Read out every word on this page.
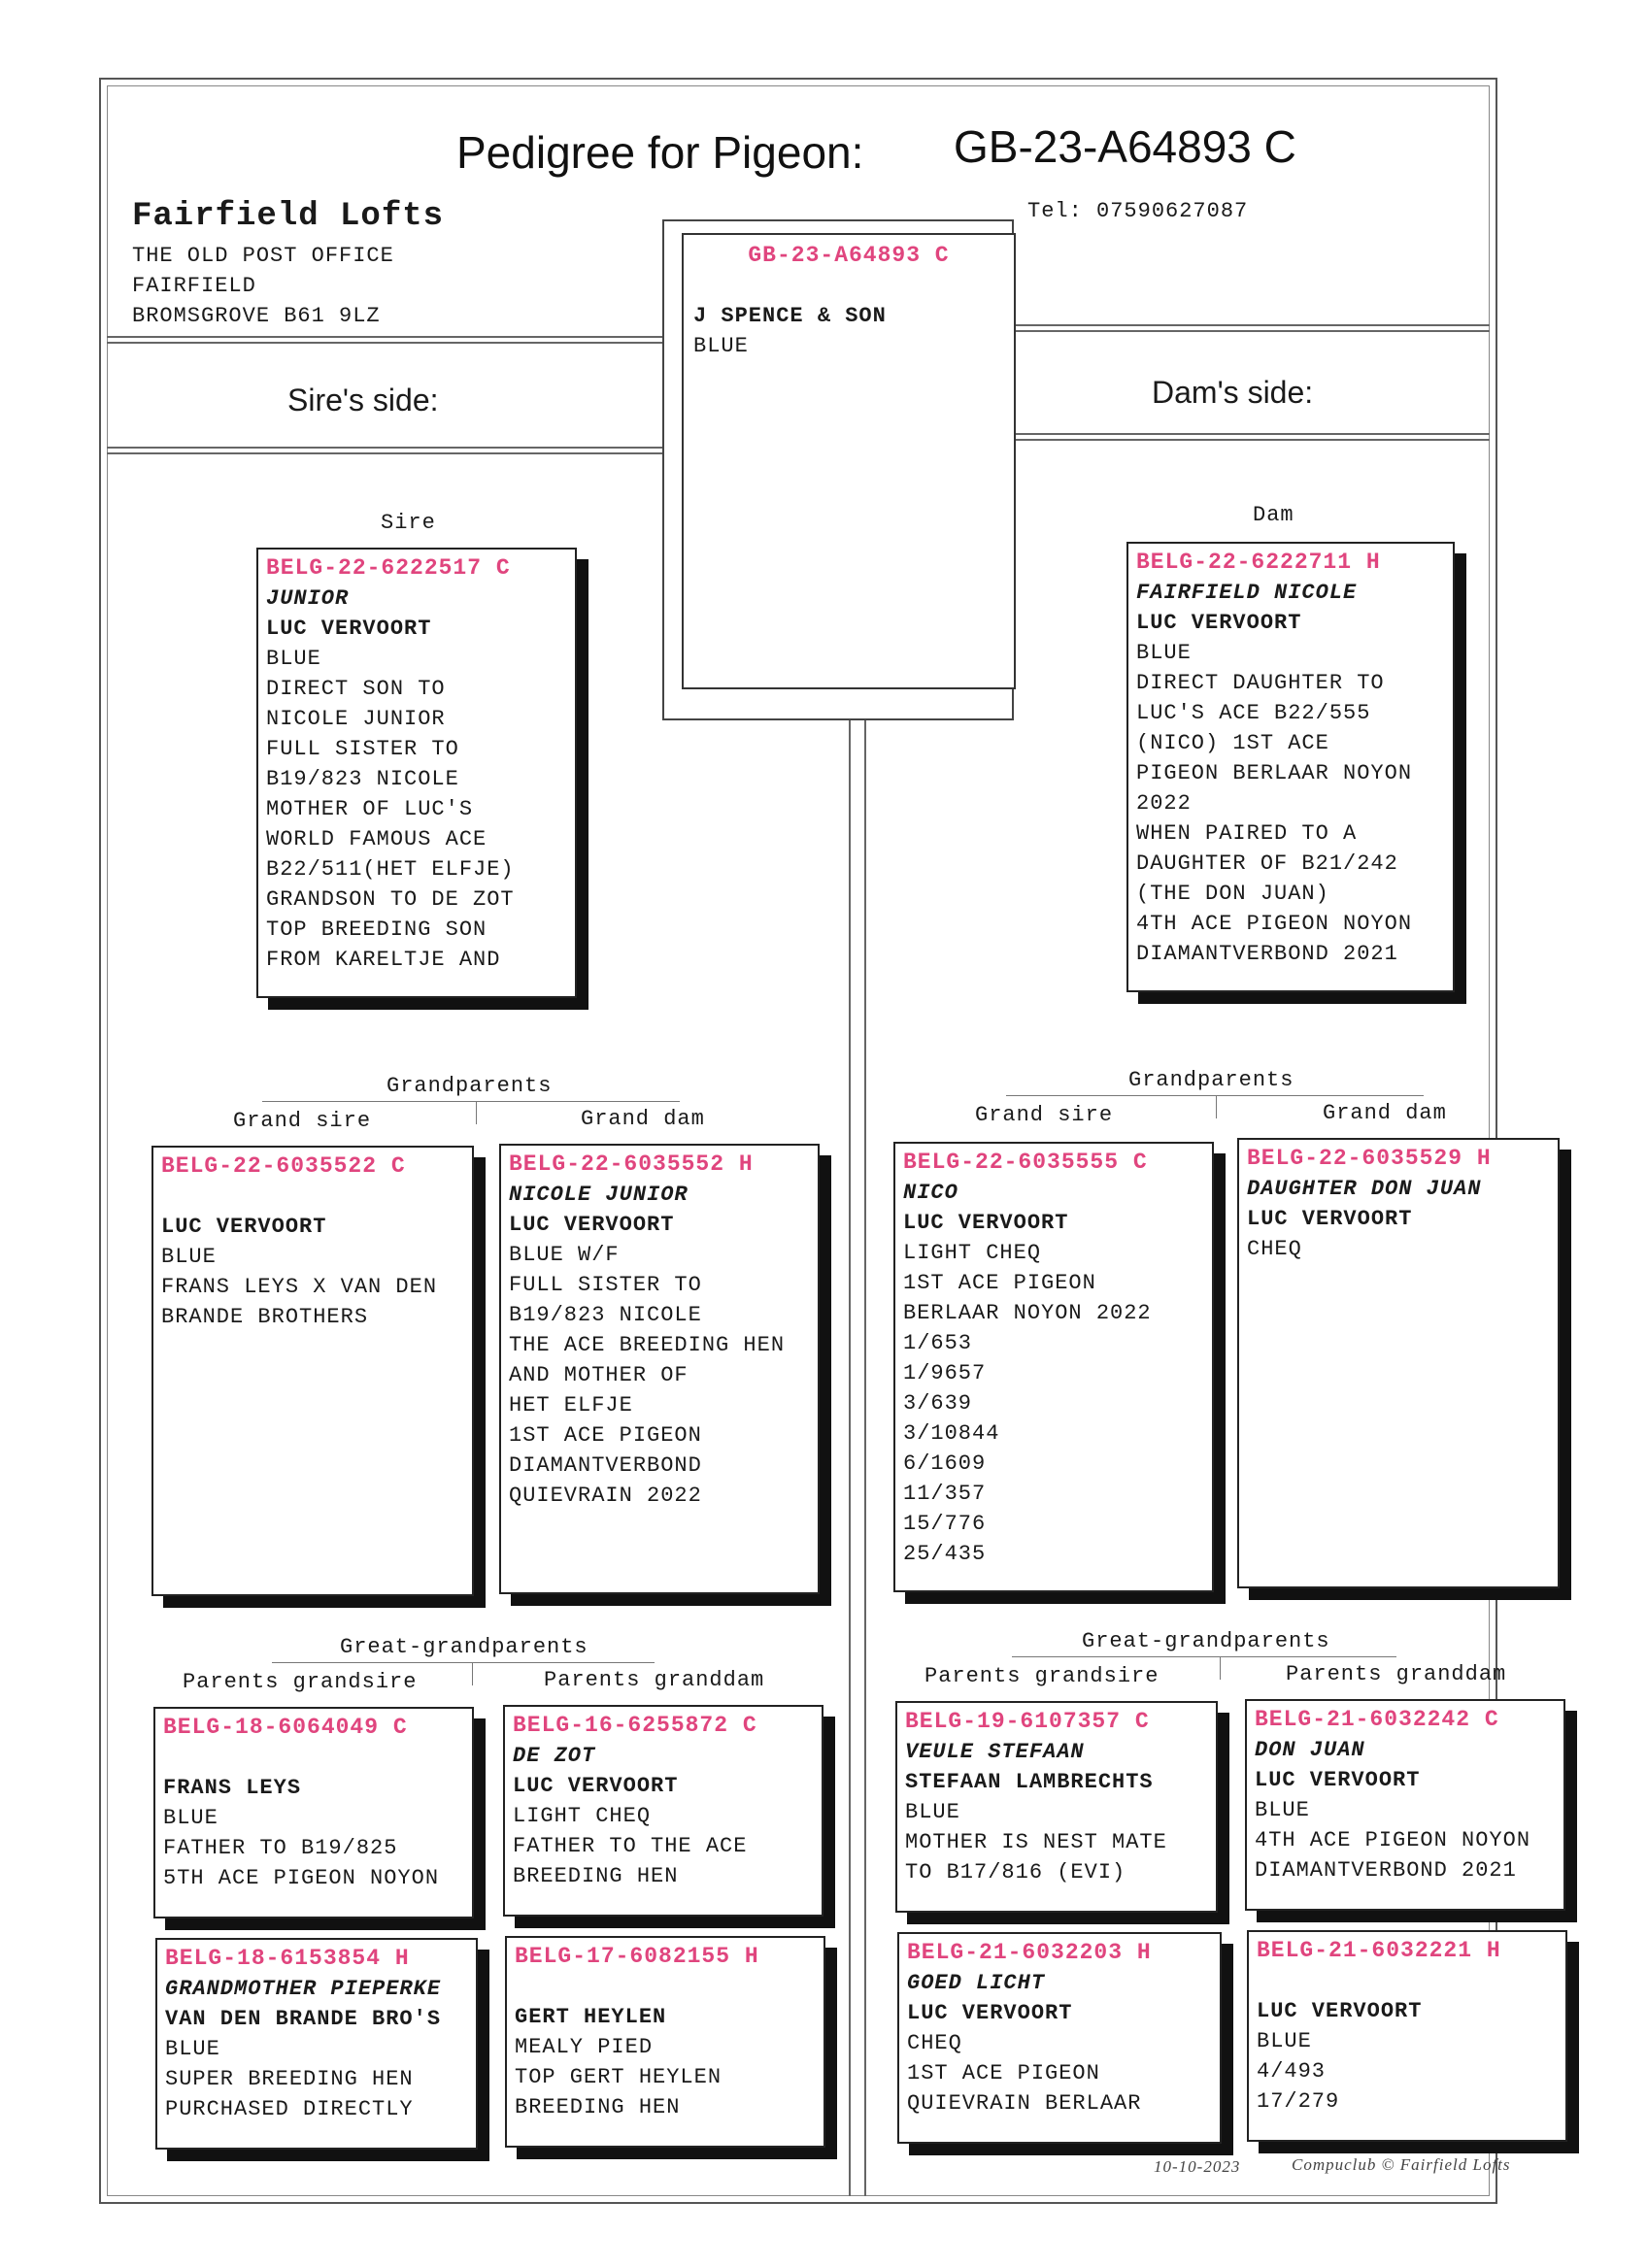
Pedigree for Pigeon: GB-23-A64893 C
Fairfield Lofts
THE OLD POST OFFICE
FAIRFIELD
BROMSGROVE B61 9LZ
Tel: 07590627087
Sire's side:	Dam's side:
GB-23-A64893 C
J SPENCE & SON
BLUE
Sire	Dam
Grandparents
Grand sire	Grand dam
Grandparents
Grand sire	Grand dam
Great-grandparents
Parents grandsire	Parents granddam
Great-grandparents
Parents grandsire	Parents granddam
BELG-22-6222517 C
JUNIOR
LUC VERVOORT
BLUE
DIRECT SON TO
NICOLE JUNIOR
FULL SISTER TO
B19/823 NICOLE
MOTHER OF LUC'S
WORLD FAMOUS ACE
B22/511(HET ELFJE)
GRANDSON TO DE ZOT
TOP BREEDING SON
FROM KARELTJE AND
BELG-22-6222711 H
FAIRFIELD NICOLE
LUC VERVOORT
BLUE
DIRECT DAUGHTER TO
LUC'S ACE B22/555
(NICO) 1ST ACE
PIGEON BERLAAR NOYON
2022
WHEN PAIRED TO A
DAUGHTER OF B21/242
(THE DON JUAN)
4TH ACE PIGEON NOYON
DIAMANTVERBOND 2021
BELG-22-6035522 C
LUC VERVOORT
BLUE
FRANS LEYS X VAN DEN
BRANDE BROTHERS
BELG-22-6035552 H
NICOLE JUNIOR
LUC VERVOORT
BLUE W/F
FULL SISTER TO
B19/823 NICOLE
THE ACE BREEDING HEN
AND MOTHER OF
HET ELFJE
1ST ACE PIGEON
DIAMANTVERBOND
QUIEVRAIN 2022
BELG-22-6035555 C
NICO
LUC VERVOORT
LIGHT CHEQ
1ST ACE PIGEON
BERLAAR NOYON 2022
1/653
1/9657
3/639
3/10844
6/1609
11/357
15/776
25/435
BELG-22-6035529 H
DAUGHTER DON JUAN
LUC VERVOORT
CHEQ
BELG-18-6064049 C
FRANS LEYS
BLUE
FATHER TO B19/825
5TH ACE PIGEON NOYON
BELG-16-6255872 C
DE ZOT
LUC VERVOORT
LIGHT CHEQ
FATHER TO THE ACE
BREEDING HEN
BELG-19-6107357 C
VEULE STEFAAN
STEFAAN LAMBRECHTS
BLUE
MOTHER IS NEST MATE
TO B17/816 (EVI)
BELG-21-6032242 C
DON JUAN
LUC VERVOORT
BLUE
4TH ACE PIGEON NOYON
DIAMANTVERBOND 2021
BELG-18-6153854 H
GRANDMOTHER PIEPERKE
VAN DEN BRANDE BRO'S
BLUE
SUPER BREEDING HEN
PURCHASED DIRECTLY
BELG-17-6082155 H
GERT HEYLEN
MEALY PIED
TOP GERT HEYLEN
BREEDING HEN
BELG-21-6032203 H
GOED LICHT
LUC VERVOORT
CHEQ
1ST ACE PIGEON
QUIEVRAIN BERLAAR
BELG-21-6032221 H
LUC VERVOORT
BLUE
4/493
17/279
10-10-2023	Compuclub © Fairfield Lofts
